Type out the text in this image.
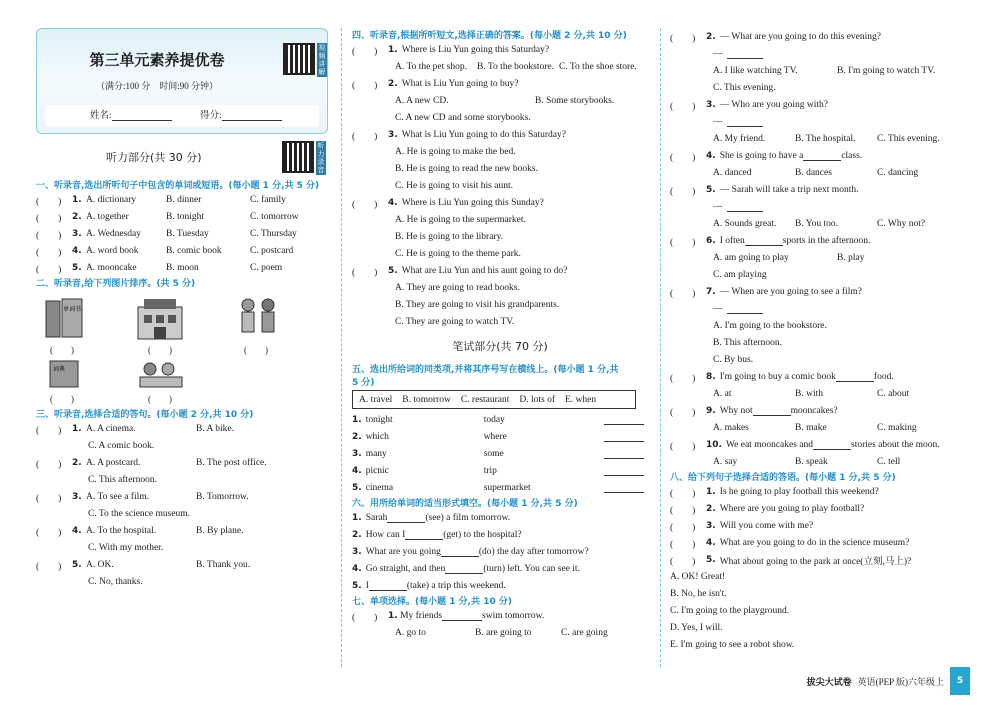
第三单元素养提优卷
（满分:100 分　时间:90 分钟）
视频讲解
姓名:	得分:

听力部分(共 30 分)

听力录音

一、听录音,选出所听句子中包含的单词或短语。(每小题 1 分,共 5 分)

(　　)	1. A. dictionary	B. dinner	C. family
(　　)	2. A. together	B. tonight	C. tomorrow
(　　)	3. A. Wednesday	B. Tuesday	C. Thursday
(　　)	4. A. word book	B. comic book	C. postcard
(　　)	5. A. mooncake	B. moon	C. poem

二、听录音,给下列图片排序。(共 5 分)

单词书
(　　)	(　　)	(　　)
词典
(　　)	(　　)

三、听录音,选择合适的答句。(每小题 2 分,共 10 分)

(　　)	1. A. A cinema.	B. A bike.
C. A comic book.
(　　)	2. A. A postcard.	B. The post office.
C. This afternoon.
(　　)	3. A. To see a film.	B. Tomorrow.
C. To the science museum.
(　　)	4. A. To the hospital.	B. By plane.
C. With my mother.
(　　)	5. A. OK.	B. Thank you.
C. No, thanks.

四、听录音,根据所听短文,选择正确的答案。(每小题 2 分,共 10 分)

(　　)	1. Where is Liu Yun going this Saturday?
A. To the pet shop.	B. To the bookstore. C. To the shoe store.
(　　)	2. What is Liu Yun going to buy?
A. A new CD.	B. Some storybooks.
C. A new CD and some storybooks.
(　　)	3. What is Liu Yun going to do this Saturday?
A. He is going to make the bed.
B. He is going to read the new books.
C. He is going to visit his aunt.
(　　)	4. Where is Liu Yun going this Sunday?
A. He is going to the supermarket.
B. He is going to the library.
C. He is going to the theme park.
(　　)	5. What are Liu Yun and his aunt going to do?
A. They are going to read books.
B. They are going to visit his grandparents.
C. They are going to watch TV.

笔试部分(共 70 分)

五、选出所给词的同类项,并将其序号写在横线上。(每小题 1 分,共

5 分)

A. travel B. tomorrow C. restaurant D. lots of E. when
1. tonight	today
2. which	where
3. many	some
4. picnic	trip
5. cinema	supermarket

六、用所给单词的适当形式填空。(每小题 1 分,共 5 分)

1. Sarah	(see) a film tomorrow.
2. How can I	(get) to the hospital?
3. What are you going	(do) the day after tomorrow?
4. Go straight, and then	(turn) left. You can see it.
5. I	(take) a trip this weekend.

七、单项选择。(每小题 1 分,共 10 分)

(　　)	1.
My friends	swim tomorrow.
A. go to	B. are going to	C. are going
(　　)	2. — What are you going to do this evening?
—
A. I like watching TV.	B. I'm going to watch TV.
C. This evening.
(　　)	3. — Who are you going with?
—
A. My friend.	B. The hospital.	C. This evening.
(　　)	4. She is going to have a	class.
A. danced	B. dances	C. dancing
(　　)	5. — Sarah will take a trip next month.
—
A. Sounds great.	B. You too.	C. Why not?
(　　)	6. I often	sports in the afternoon.
A. am going to play	B. play
C. am playing
(　　)	7. — When are you going to see a film?
—
A. I'm going to the bookstore.
B. This afternoon.
C. By bus.
(　　)	8. I'm going to buy a comic book	food.
A. at	B. with	C. about
(　　)	9. Why not	mooncakes?
A. makes	B. make	C. making
(　　)	10. We eat mooncakes and	stories about the moon.
A. say	B. speak	C. tell

八、给下列句子选择合适的答语。(每小题 1 分,共 5 分)

(　　)	1. Is he going to play football this weekend?
(　　)	2. Where are you going to play football?
(　　)	3. Will you come with me?
(　　)	4. What are you going to do in the science museum?
(　　)	5. What about going to the park at once(立刻,马上)?
A. OK! Great!
B. No, he isn't.
C. I'm going to the playground.
D. Yes, I will.
E. I'm going to see a robot show.
拔尖大试卷 英语(PEP 版)六年级上	5
